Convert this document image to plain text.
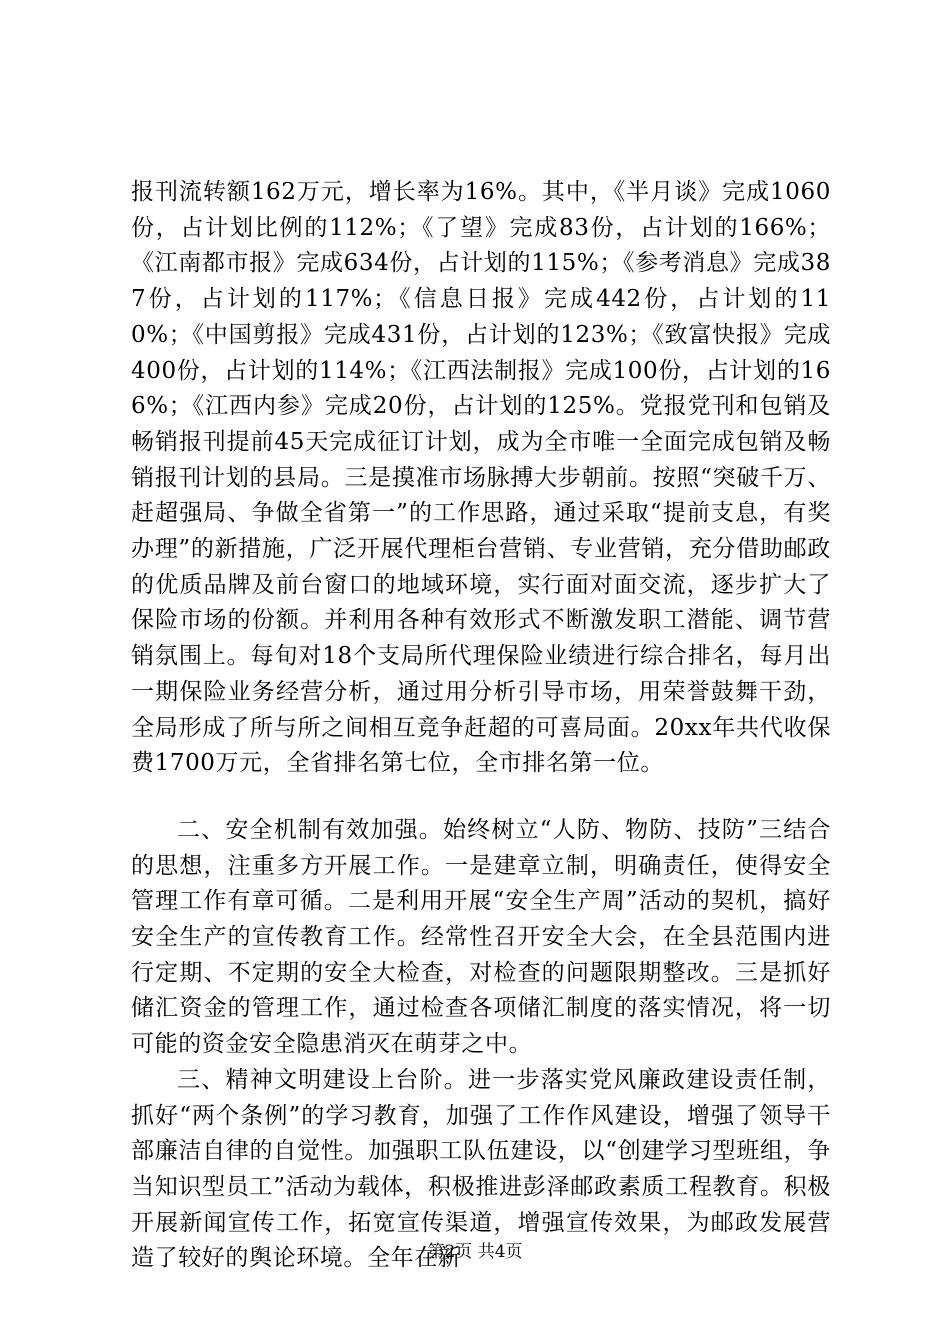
报刊流转额162万元，增长率为16%。其中，《半月谈》完成1060份，占计划比例的112%；《了望》完成83份，占计划的166%；《江南都市报》完成634份，占计划的115%；《参考消息》完成387份，占计划的117%；《信息日报》完成442份，占计划的110%；《中国剪报》完成431份，占计划的123%；《致富快报》完成400份，占计划的114%；《江西法制报》完成100份，占计划的166%；《江西内参》完成20份，占计划的125%。党报党刊和包销及畅销报刊提前45天完成征订计划，成为全市唯一全面完成包销及畅销报刊计划的县局。三是摸准市场脉搏大步朝前。按照“突破千万、赶超强局、争做全省第一”的工作思路，通过采取“提前支息，有奖办理”的新措施，广泛开展代理柜台营销、专业营销，充分借助邮政的优质品牌及前台窗口的地域环境，实行面对面交流，逐步扩大了保险市场的份额。并利用各种有效形式不断激发职工潜能、调节营销氛围上。每旬对18个支局所代理保险业绩进行综合排名，每月出一期保险业务经营分析，通过用分析引导市场，用荣誉鼓舞干劲，全局形成了所与所之间相互竞争赶超的可喜局面。20xx年共代收保费1700万元，全省排名第七位，全市排名第一位。

二、安全机制有效加强。始终树立“人防、物防、技防”三结合的思想，注重多方开展工作。一是建章立制，明确责任，使得安全管理工作有章可循。二是利用开展“安全生产周”活动的契机，搞好安全生产的宣传教育工作。经常性召开安全大会，在全县范围内进行定期、不定期的安全大检查，对检查的问题限期整改。三是抓好储汇资金的管理工作，通过检查各项储汇制度的落实情况，将一切可能的资金安全隐患消灭在萌芽之中。

三、精神文明建设上台阶。进一步落实党风廉政建设责任制，抓好“两个条例”的学习教育，加强了工作作风建设，增强了领导干部廉洁自律的自觉性。加强职工队伍建设，以“创建学习型班组，争当知识型员工”活动为载体，积极推进彭泽邮政素质工程教育。积极开展新闻宣传工作，拓宽宣传渠道，增强宣传效果，为邮政发展营造了较好的舆论环境。全年在新

第2页 共4页
